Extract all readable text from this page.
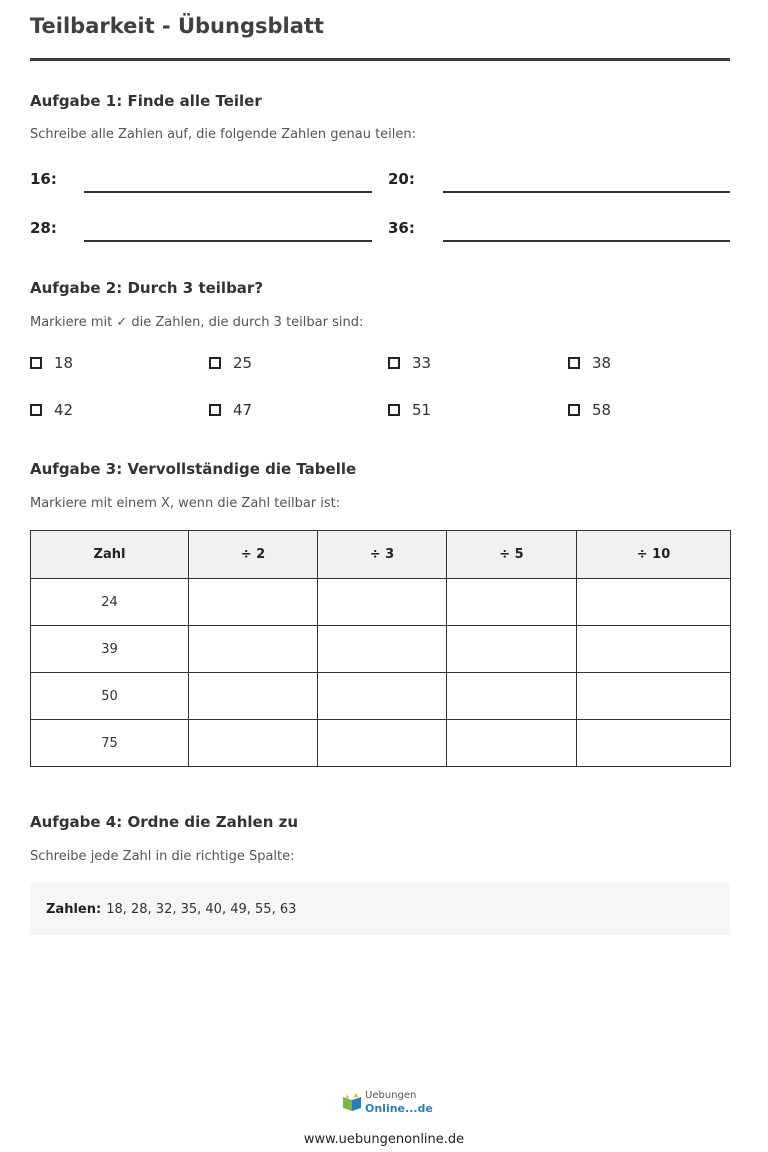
Teilbarkeit - Übungsblatt
Aufgabe 1: Finde alle Teiler
Schreibe alle Zahlen auf, die folgende Zahlen genau teilen:
16:	20:
28:	36:
Aufgabe 2: Durch 3 teilbar?
Markiere mit ✓ die Zahlen, die durch 3 teilbar sind:
18	25	33	38
42	47	51	58
Aufgabe 3: Vervollständige die Tabelle
Markiere mit einem X, wenn die Zahl teilbar ist:
Zahl	÷ 2	÷ 3	÷ 5	÷ 10
24				
39				
50				
75				
Aufgabe 4: Ordne die Zahlen zu
Schreibe jede Zahl in die richtige Spalte:
Zahlen: 18, 28, 32, 35, 40, 49, 55, 63
Uebungen
Online...de
www.uebungenonline.de
